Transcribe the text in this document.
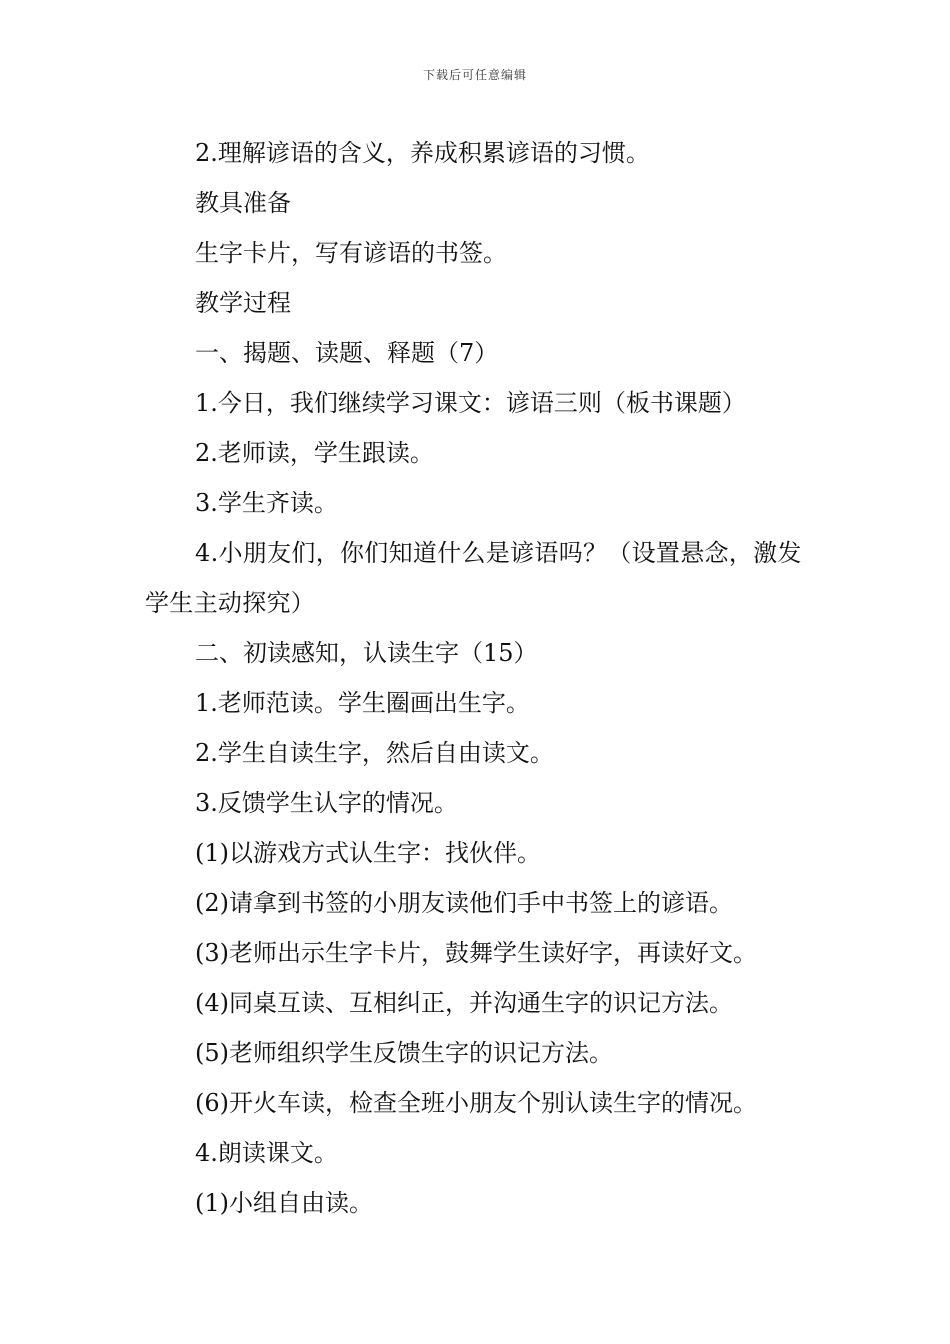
下载后可任意编辑
2.理解谚语的含义，养成积累谚语的习惯。
教具准备
生字卡片，写有谚语的书签。
教学过程
一、揭题、读题、释题（7）
1.今日，我们继续学习课文：谚语三则（板书课题）
2.老师读，学生跟读。
3.学生齐读。
4.小朋友们，你们知道什么是谚语吗？（设置悬念，激发学生主动探究）
二、初读感知，认读生字（15）
1.老师范读。学生圈画出生字。
2.学生自读生字，然后自由读文。
3.反馈学生认字的情况。
(1)以游戏方式认生字：找伙伴。
(2)请拿到书签的小朋友读他们手中书签上的谚语。
(3)老师出示生字卡片，鼓舞学生读好字，再读好文。
(4)同桌互读、互相纠正，并沟通生字的识记方法。
(5)老师组织学生反馈生字的识记方法。
(6)开火车读，检查全班小朋友个别认读生字的情况。
4.朗读课文。
(1)小组自由读。
